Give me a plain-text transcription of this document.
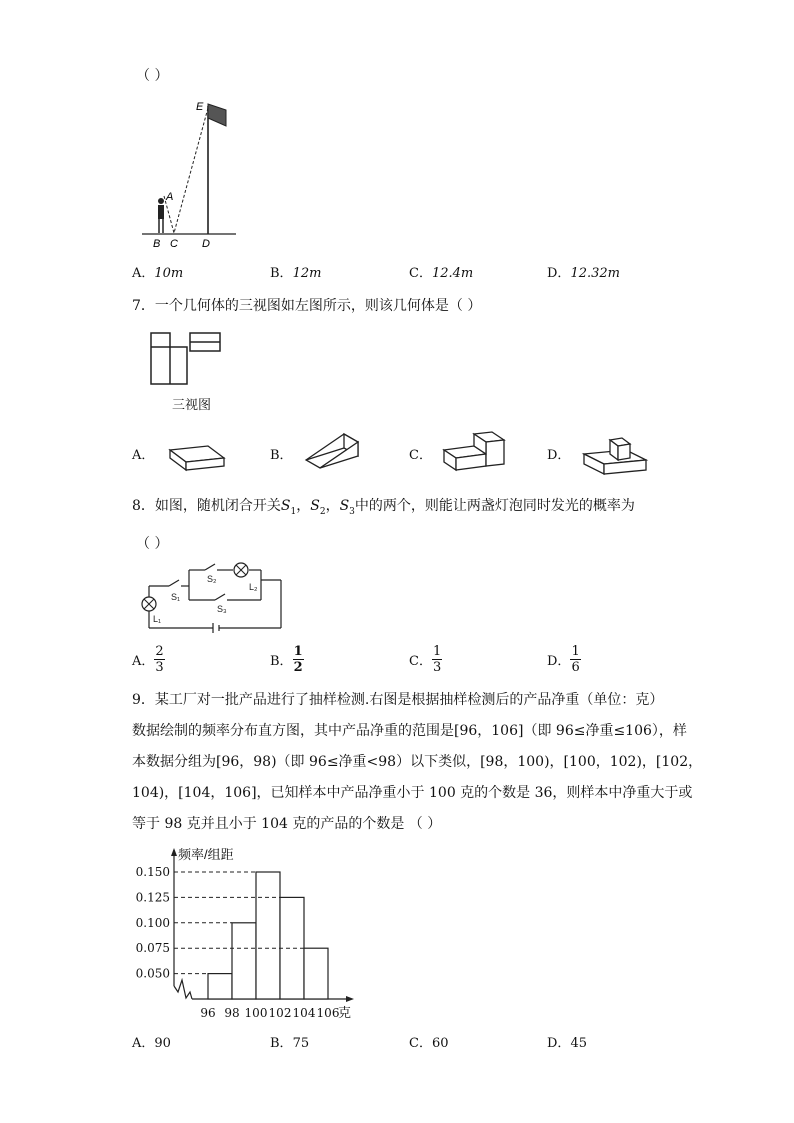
（ ）
E
A
B C D
A．10m	B．12m	C．12.4m	D．12.32m
7．一个几何体的三视图如左图所示，则该几何体是（ ）
三视图
A．	B．	C．	D．
8．如图，随机闭合开关$S_1$，$S_2$，$S_3$中的两个，则能让两盏灯泡同时发光的概率为
（ ）
S₁
S₂
S₃
L₂
L₁
A． $\frac{2}{3}$	B． $\frac{1}{2}$	C． $\frac{1}{3}$	D． $\frac{1}{6}$
9．某工厂对一批产品进行了抽样检测.右图是根据抽样检测后的产品净重（单位：克）
数据绘制的频率分布直方图，其中产品净重的范围是[96，106]（即 96≤净重≤106），样
本数据分组为[96，98)（即 96≤净重<98）以下类似，[98，100)，[100，102)，[102，
104)，[104，106]，已知样本中产品净重小于 100 克的个数是 36，则样本中净重大于或
等于 98 克并且小于 104 克的产品的个数是 （ ）
频率/组距
克
0.050
0.075
0.100
0.125
0.150
96 98 100 102 104 106
A．90	B．75	C．60	D．45
